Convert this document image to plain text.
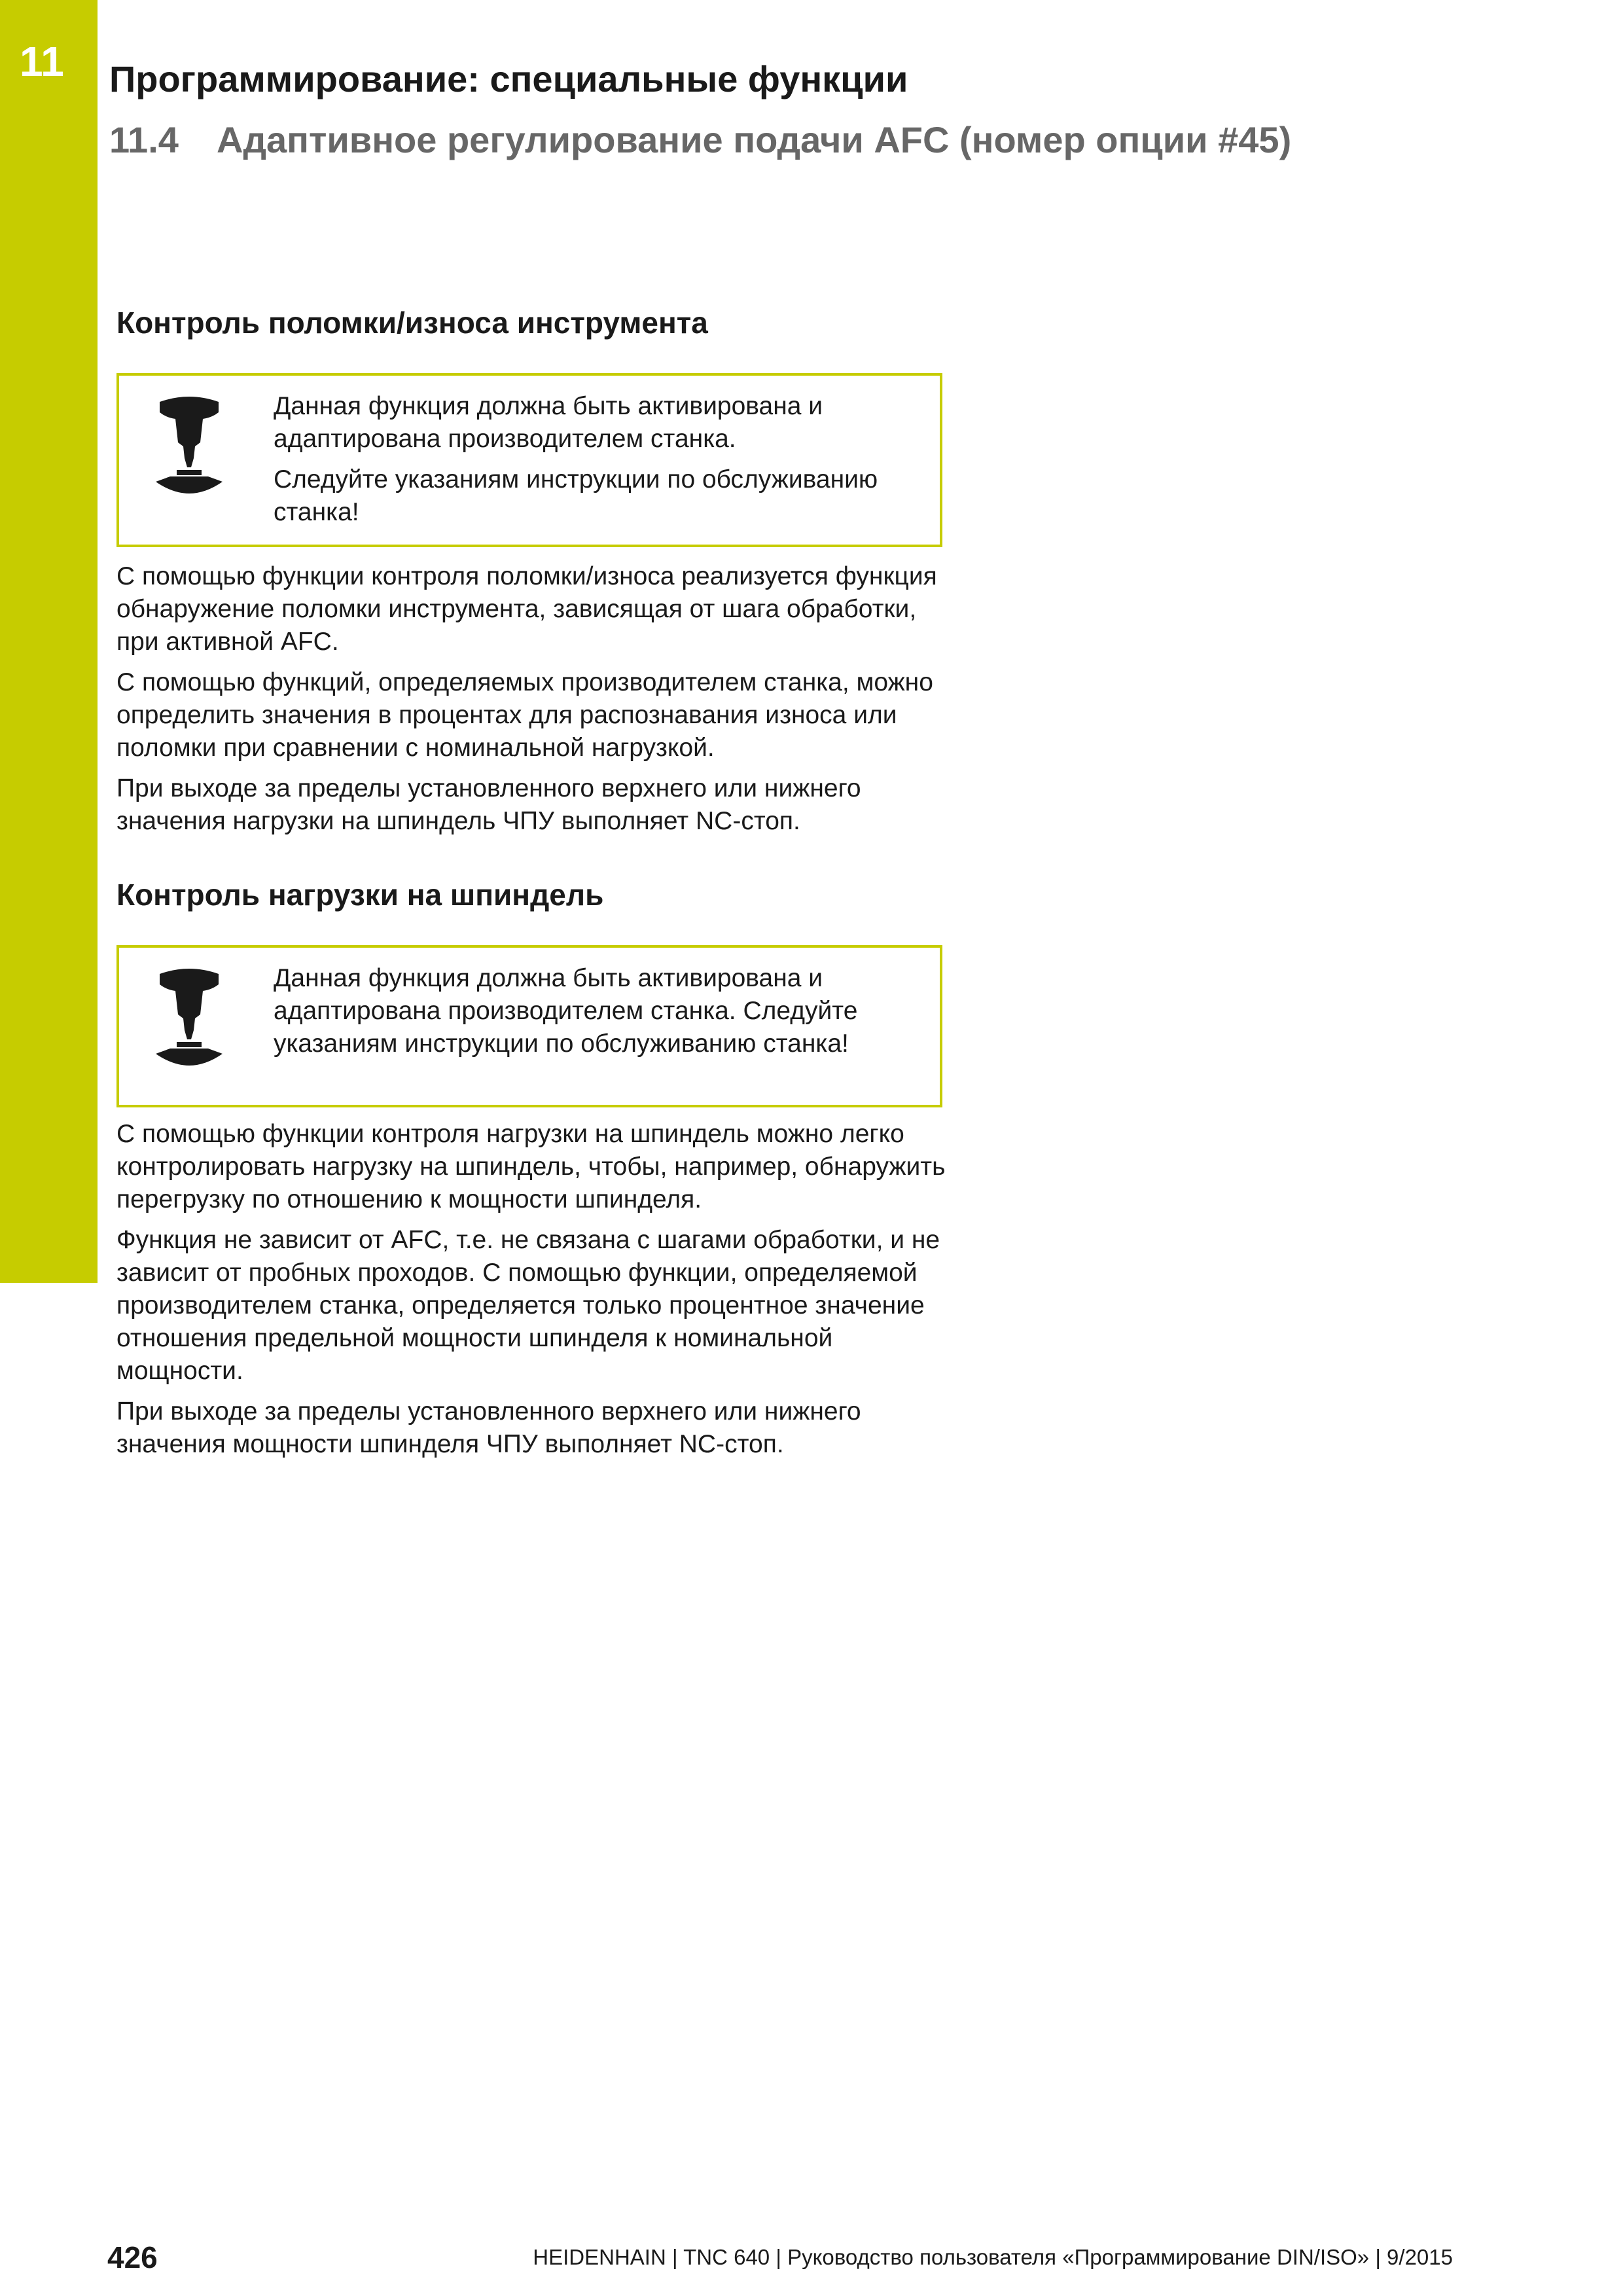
11	Программирование: специальные функции
11.4 Адаптивное регулирование подачи AFC (номер опции #45)
Контроль поломки/износа инструмента

Данная функция должна быть активирована и адаптирована производителем станка.

Следуйте указаниям инструкции по обслуживанию станка!

С помощью функции контроля поломки/износа реализуется функция обнаружение поломки инструмента, зависящая от шага обработки, при активной AFC.

С помощью функций, определяемых производителем станка, можно определить значения в процентах для распознавания износа или поломки при сравнении с номинальной нагрузкой.

При выходе за пределы установленного верхнего или нижнего значения нагрузки на шпиндель ЧПУ выполняет NC-стоп.

Контроль нагрузки на шпиндель

Данная функция должна быть активирована и адаптирована производителем станка. Следуйте указаниям инструкции по обслуживанию станка!

С помощью функции контроля нагрузки на шпиндель можно легко контролировать нагрузку на шпиндель, чтобы, например, обнаружить перегрузку по отношению к мощности шпинделя.

Функция не зависит от AFC, т.е. не связана с шагами обработки, и не зависит от пробных проходов. С помощью функции, определяемой производителем станка, определяется только процентное значение отношения предельной мощности шпинделя к номинальной мощности.

При выходе за пределы установленного верхнего или нижнего значения мощности шпинделя ЧПУ выполняет NC-стоп.

426	HEIDENHAIN | TNC 640 | Руководство пользователя «Программирование DIN/ISO» | 9/2015
